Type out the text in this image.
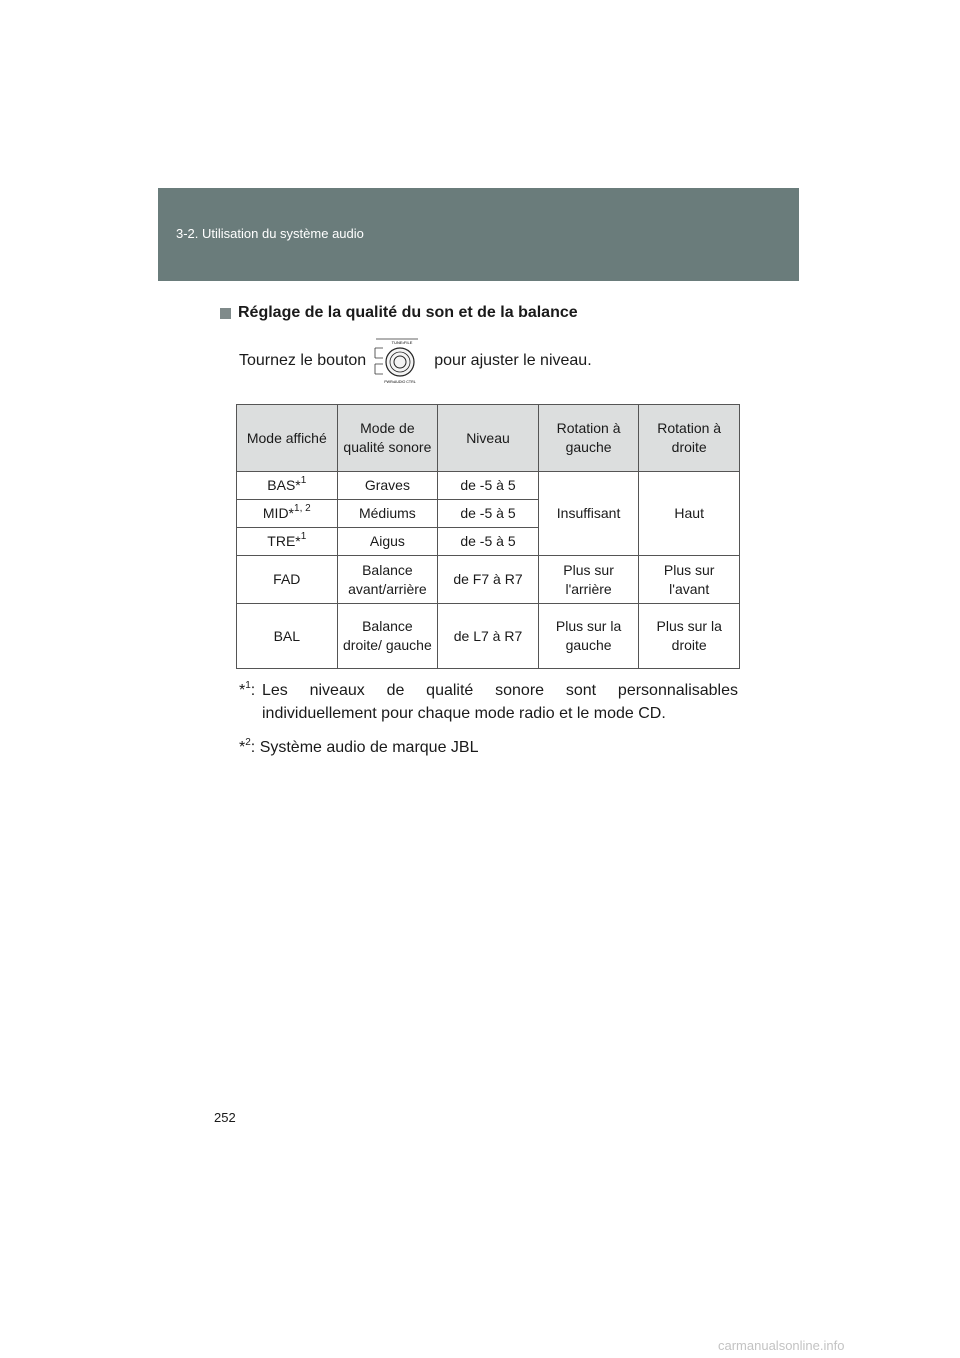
3-2. Utilisation du système audio
Réglage de la qualité du son et de la balance
Tournez le bouton
TUNE•FILE
PWR•AUDIO CTRL
pour ajuster le niveau.
Mode affiché	Mode de qualité sonore	Niveau	Rotation à gauche	Rotation à droite
BAS*$^1$	Graves	de -5 à 5		
MID*$^{1, 2}$	Médiums	de -5 à 5	Insuffisant	Haut
TRE*$^1$	Aigus	de -5 à 5		
FAD	Balance avant/arrière	de F7 à R7	Plus sur l'arrière	Plus sur l'avant
BAL	Balance droite/ gauche	de L7 à R7	Plus sur la gauche	Plus sur la droite
*$^1$: Les niveaux de qualité sonore sont personnalisables individuellement pour chaque mode radio et le mode CD.
*$^2$: Système audio de marque JBL
252
carmanualsonline.info
